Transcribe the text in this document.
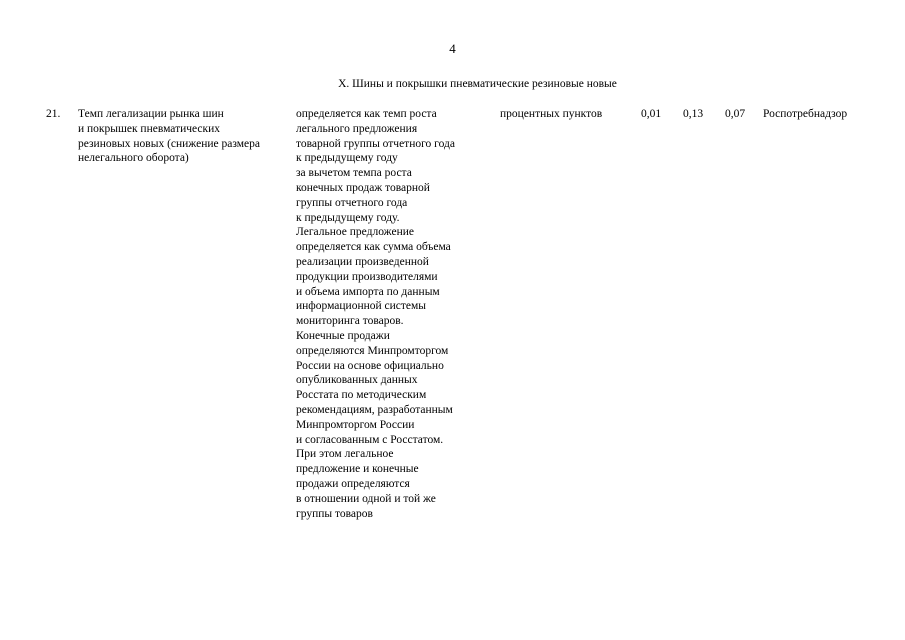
4
X. Шины и покрышки пневматические резиновые новые
21. Темп легализации рынка шин
и покрышек пневматических
резиновых новых (снижение размера
нелегального оборота)
определяется как темп роста
легального предложения
товарной группы отчетного года
к предыдущему году
за вычетом темпа роста
конечных продаж товарной
группы отчетного года
к предыдущему году.
Легальное предложение
определяется как сумма объема
реализации произведенной
продукции производителями
и объема импорта по данным
информационной системы
мониторинга товаров.
Конечные продажи
определяются Минпромторгом
России на основе официально
опубликованных данных
Росстата по методическим
рекомендациям, разработанным
Минпромторгом России
и согласованным с Росстатом.
При этом легальное
предложение и конечные
продажи определяются
в отношении одной и той же
группы товаров
процентных пунктов	0,01 0,13 0,07 Роспотребнадзор
